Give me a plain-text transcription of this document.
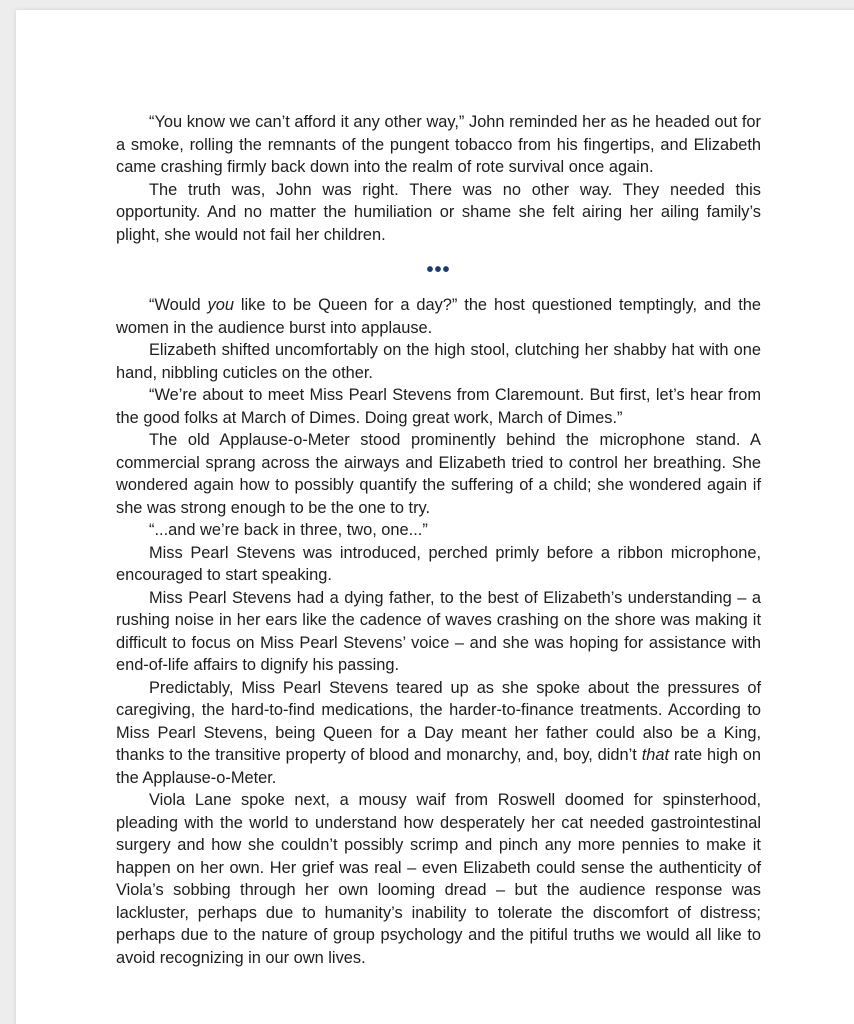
“You know we can’t afford it any other way,” John reminded her as he headed out for a smoke, rolling the remnants of the pungent tobacco from his fingertips, and Elizabeth came crashing firmly back down into the realm of rote survival once again.

The truth was, John was right. There was no other way. They needed this opportunity. And no matter the humiliation or shame she felt airing her ailing family’s plight, she would not fail her children.

•••

“Would you like to be Queen for a day?” the host questioned temptingly, and the women in the audience burst into applause.

Elizabeth shifted uncomfortably on the high stool, clutching her shabby hat with one hand, nibbling cuticles on the other.

“We’re about to meet Miss Pearl Stevens from Claremount. But first, let’s hear from the good folks at March of Dimes. Doing great work, March of Dimes.”

The old Applause-o-Meter stood prominently behind the microphone stand. A commercial sprang across the airways and Elizabeth tried to control her breathing. She wondered again how to possibly quantify the suffering of a child; she wondered again if she was strong enough to be the one to try.

“...and we’re back in three, two, one...”

Miss Pearl Stevens was introduced, perched primly before a ribbon microphone, encouraged to start speaking.

Miss Pearl Stevens had a dying father, to the best of Elizabeth’s understanding – a rushing noise in her ears like the cadence of waves crashing on the shore was making it difficult to focus on Miss Pearl Stevens’ voice – and she was hoping for assistance with end-of-life affairs to dignify his passing.

Predictably, Miss Pearl Stevens teared up as she spoke about the pressures of caregiving, the hard-to-find medications, the harder-to-finance treatments. According to Miss Pearl Stevens, being Queen for a Day meant her father could also be a King, thanks to the transitive property of blood and monarchy, and, boy, didn’t that rate high on the Applause-o-Meter.

Viola Lane spoke next, a mousy waif from Roswell doomed for spinsterhood, pleading with the world to understand how desperately her cat needed gastrointestinal surgery and how she couldn’t possibly scrimp and pinch any more pennies to make it happen on her own. Her grief was real – even Elizabeth could sense the authenticity of Viola’s sobbing through her own looming dread – but the audience response was lackluster, perhaps due to humanity’s inability to tolerate the discomfort of distress; perhaps due to the nature of group psychology and the pitiful truths we would all like to avoid recognizing in our own lives.
